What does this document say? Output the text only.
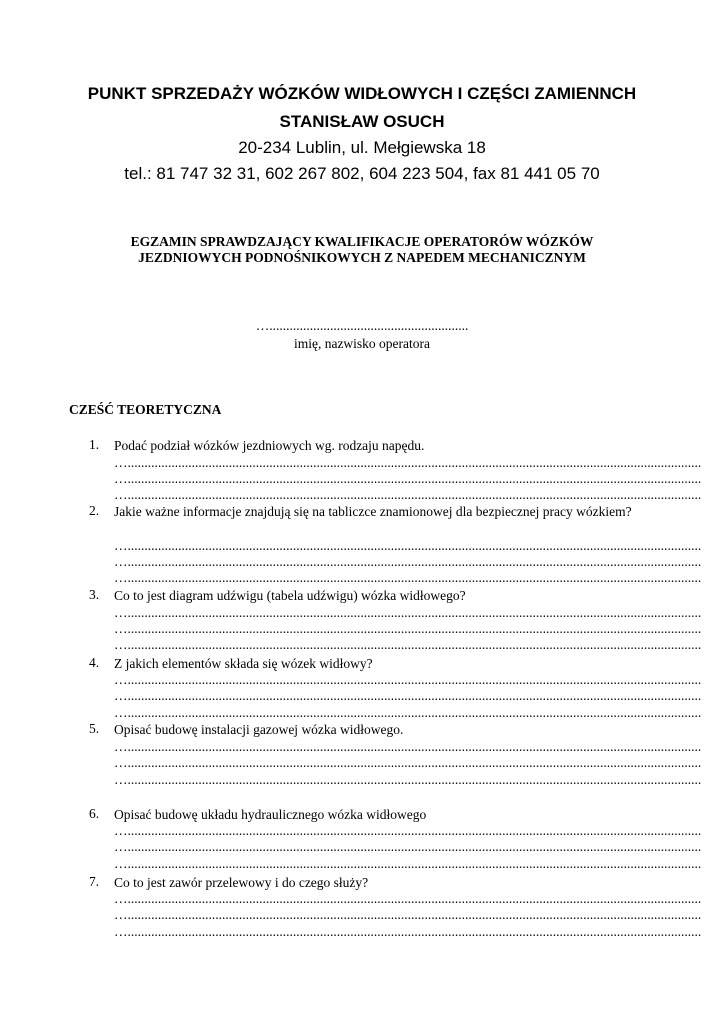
PUNKT SPRZEDAŻY WÓZKÓW WIDŁOWYCH I CZĘŚCI ZAMIENNCH
STANISŁAW OSUCH
20-234 Lublin, ul. Mełgiewska 18
tel.: 81 747 32 31, 602 267 802, 604 223 504, fax 81 441 05 70
EGZAMIN SPRAWDZAJĄCY KWALIFIKACJE OPERATORÓW WÓZKÓW
JEZDNIOWYCH PODNOŚNIKOWYCH Z NAPEDEM MECHANICZNYM
…...........................................................
imię, nazwisko operatora
CZEŚĆ TEORETYCZNA
1. Podać podział wózków jezdniowych wg. rodzaju napędu.
…..........................................................................................................................................................................
…..........................................................................................................................................................................
…..........................................................................................................................................................................
2. Jakie ważne informacje znajdują się na tabliczce znamionowej dla bezpiecznej pracy wózkiem?
…..........................................................................................................................................................................
…..........................................................................................................................................................................
…..........................................................................................................................................................................
3. Co to jest diagram udźwigu (tabela udźwigu) wózka widłowego?
…..........................................................................................................................................................................
…..........................................................................................................................................................................
…..........................................................................................................................................................................
4. Z jakich elementów składa się wózek widłowy?
…..........................................................................................................................................................................
…..........................................................................................................................................................................
…..........................................................................................................................................................................
5. Opisać budowę instalacji gazowej wózka widłowego.
…..........................................................................................................................................................................
…..........................................................................................................................................................................
…..........................................................................................................................................................................
6. Opisać budowę układu hydraulicznego wózka widłowego
…..........................................................................................................................................................................
…..........................................................................................................................................................................
…..........................................................................................................................................................................
7. Co to jest zawór przelewowy i do czego służy?
…..........................................................................................................................................................................
…..........................................................................................................................................................................
…..........................................................................................................................................................................
